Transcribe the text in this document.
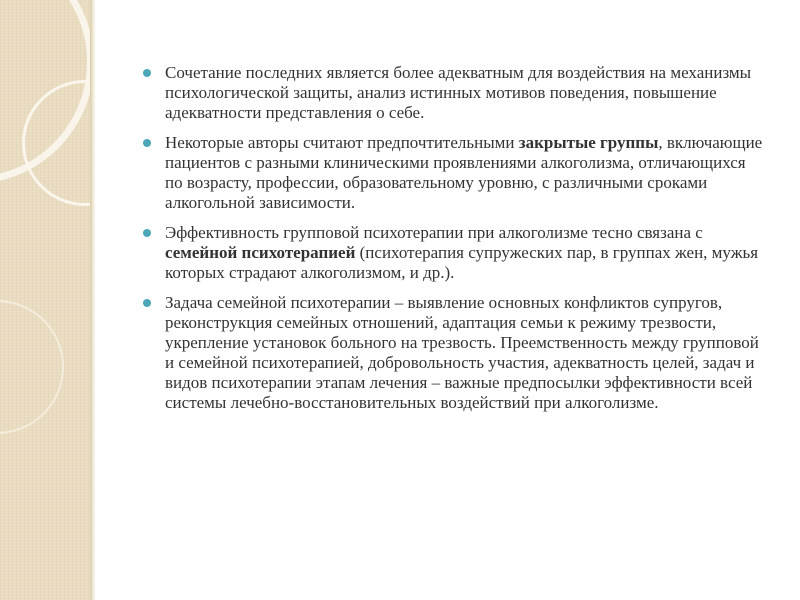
Сочетание последних является более адекватным для воздействия на механизмы психологической защиты, анализ истинных мотивов поведения, повышение адекватности представления о себе.
Некоторые авторы считают предпочтительными закрытые группы, включающие пациентов с разными клиническими проявлениями алкоголизма, отличающихся по возрасту, профессии, образовательному уровню, с различными сроками алкогольной зависимости.
Эффективность групповой психотерапии при алкоголизме тесно связана с семейной психотерапией (психотерапия супружеских пар, в группах жен, мужья которых страдают алкоголизмом, и др.).
Задача семейной психотерапии – выявление основных конфликтов супругов, реконструкция семейных отношений, адаптация семьи к режиму трезвости, укрепление установок больного на трезвость. Преемственность между групповой и семейной психотерапией, добровольность участия, адекватность целей, задач и видов психотерапии этапам лечения – важные предпосылки эффективности всей системы лечебно-восстановительных воздействий при алкоголизме.
